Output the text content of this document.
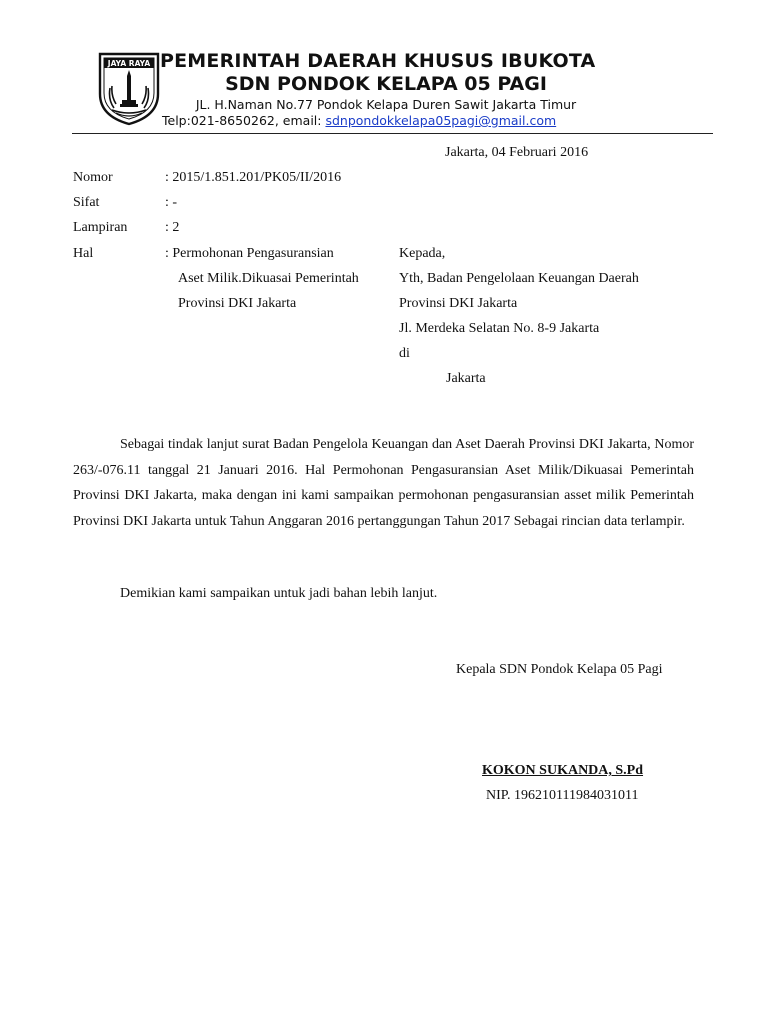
JAYA RAYA PEMERINTAH DAERAH KHUSUS IBUKOTA
SDN PONDOK KELAPA 05 PAGI
JL. H.Naman No.77 Pondok Kelapa Duren Sawit Jakarta Timur
Telp:021-8650262, email: sdnpondokkelapa05pagi@gmail.com
Jakarta, 04 Februari 2016
Nomor	: 2015/1.851.201/PK05/II/2016
Sifat	: -
Lampiran	: 2
Hal	: Permohonan Pengasuransian
Aset Milik.Dikuasai Pemerintah
Provinsi DKI Jakarta
Kepada,
Yth, Badan Pengelolaan Keuangan Daerah
Provinsi DKI Jakarta
Jl. Merdeka Selatan No. 8-9 Jakarta
di
Jakarta
Sebagai tindak lanjut surat Badan Pengelola Keuangan dan Aset Daerah Provinsi DKI Jakarta, Nomor 263/-076.11 tanggal 21 Januari 2016. Hal Permohonan Pengasuransian Aset Milik/Dikuasai Pemerintah Provinsi DKI Jakarta, maka dengan ini kami sampaikan permohonan pengasuransian asset milik Pemerintah Provinsi DKI Jakarta untuk Tahun Anggaran 2016 pertanggungan Tahun 2017 Sebagai rincian data terlampir.
Demikian kami sampaikan untuk jadi bahan lebih lanjut.
Kepala SDN Pondok Kelapa 05 Pagi
KOKON SUKANDA, S.Pd
NIP. 196210111984031011
